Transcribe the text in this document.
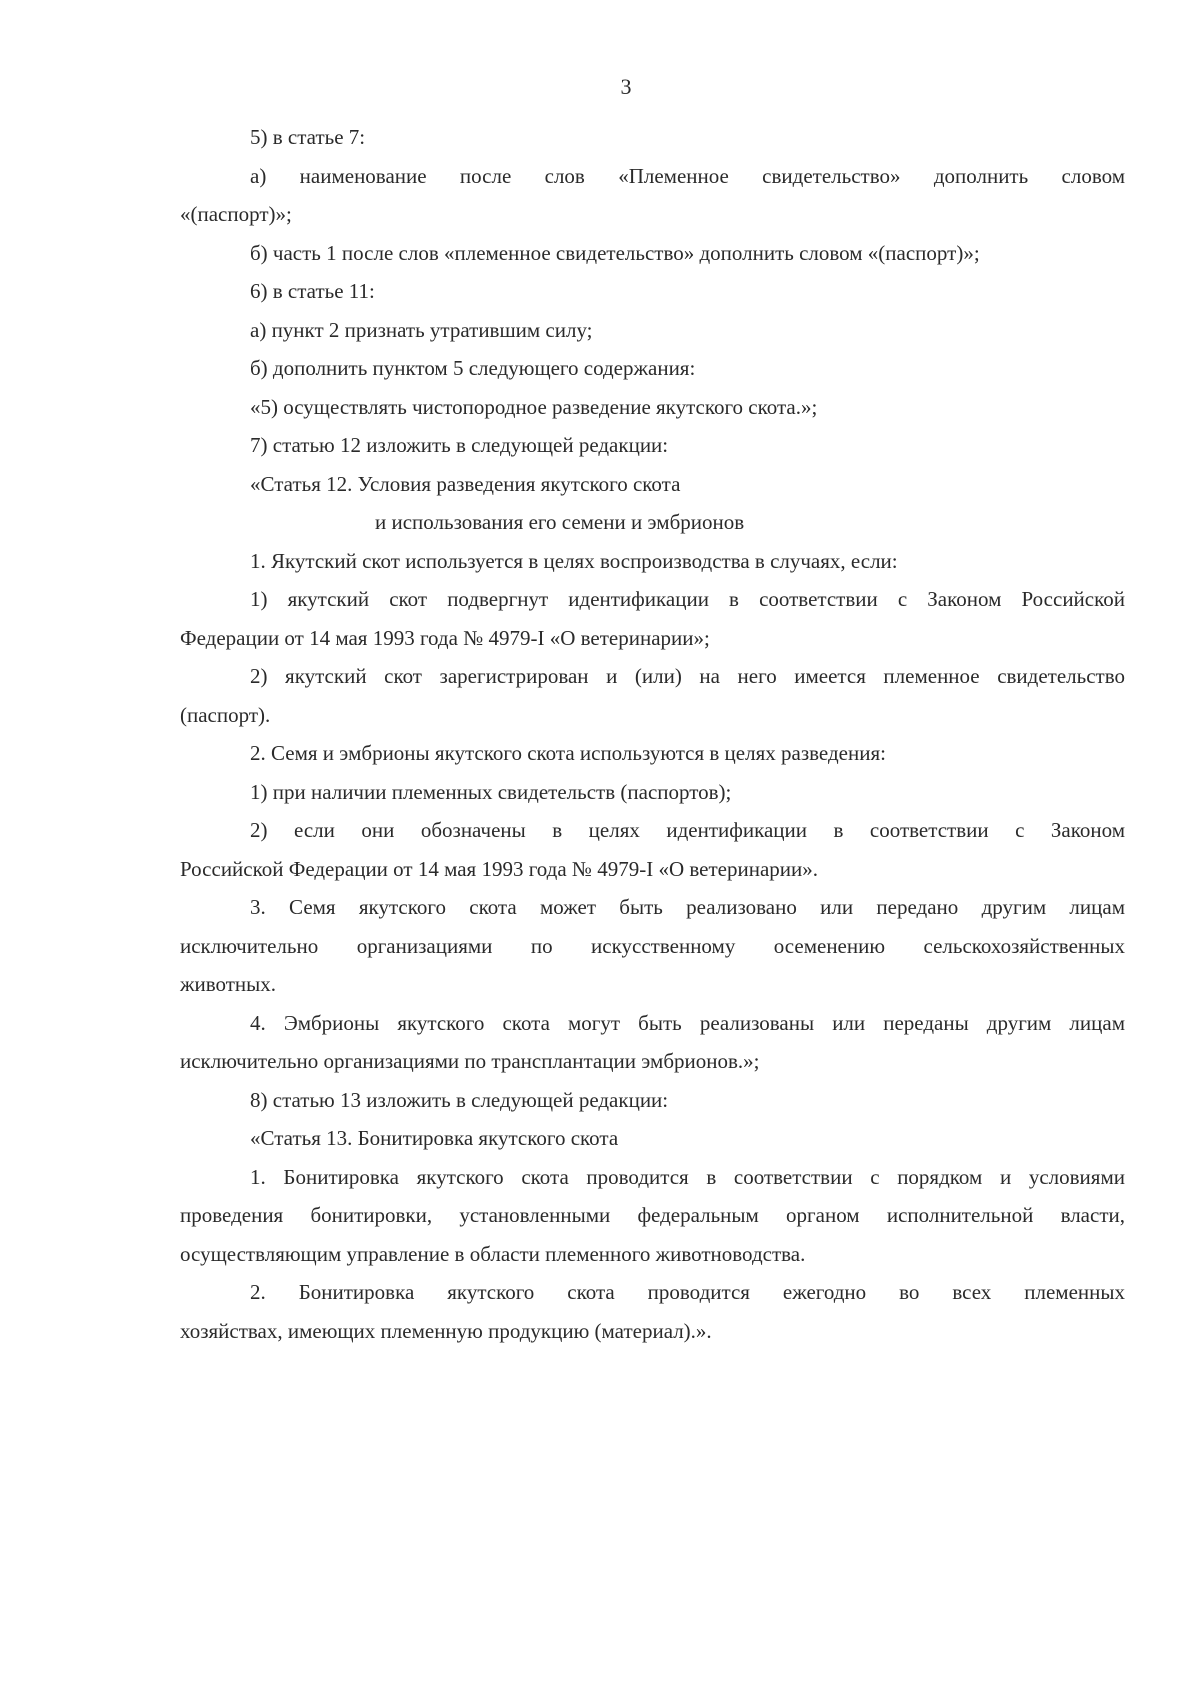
3
5) в статье 7:
а) наименование после слов «Племенное свидетельство» дополнить словом
«(паспорт)»;
б) часть 1 после слов «племенное свидетельство» дополнить словом «(паспорт)»;
6) в статье 11:
а) пункт 2 признать утратившим силу;
б) дополнить пунктом 5 следующего содержания:
«5) осуществлять чистопородное разведение якутского скота.»;
7) статью 12 изложить в следующей редакции:
«Статья 12. Условия разведения якутского скота
и использования его семени и эмбрионов
1. Якутский скот используется в целях воспроизводства в случаях, если:
1) якутский скот подвергнут идентификации в соответствии с Законом Российской
Федерации от 14 мая 1993 года № 4979-I «О ветеринарии»;
2) якутский скот зарегистрирован и (или) на него имеется племенное свидетельство
(паспорт).
2. Семя и эмбрионы якутского скота используются в целях разведения:
1) при наличии племенных свидетельств (паспортов);
2) если они обозначены в целях идентификации в соответствии с Законом
Российской Федерации от 14 мая 1993 года № 4979-I «О ветеринарии».
3. Семя якутского скота может быть реализовано или передано другим лицам
исключительно организациями по искусственному осеменению сельскохозяйственных
животных.
4. Эмбрионы якутского скота могут быть реализованы или переданы другим лицам
исключительно организациями по трансплантации эмбрионов.»;
8) статью 13 изложить в следующей редакции:
«Статья 13. Бонитировка якутского скота
1. Бонитировка якутского скота проводится в соответствии с порядком и условиями
проведения бонитировки, установленными федеральным органом исполнительной власти,
осуществляющим управление в области племенного животноводства.
2. Бонитировка якутского скота проводится ежегодно во всех племенных
хозяйствах, имеющих племенную продукцию (материал).».
